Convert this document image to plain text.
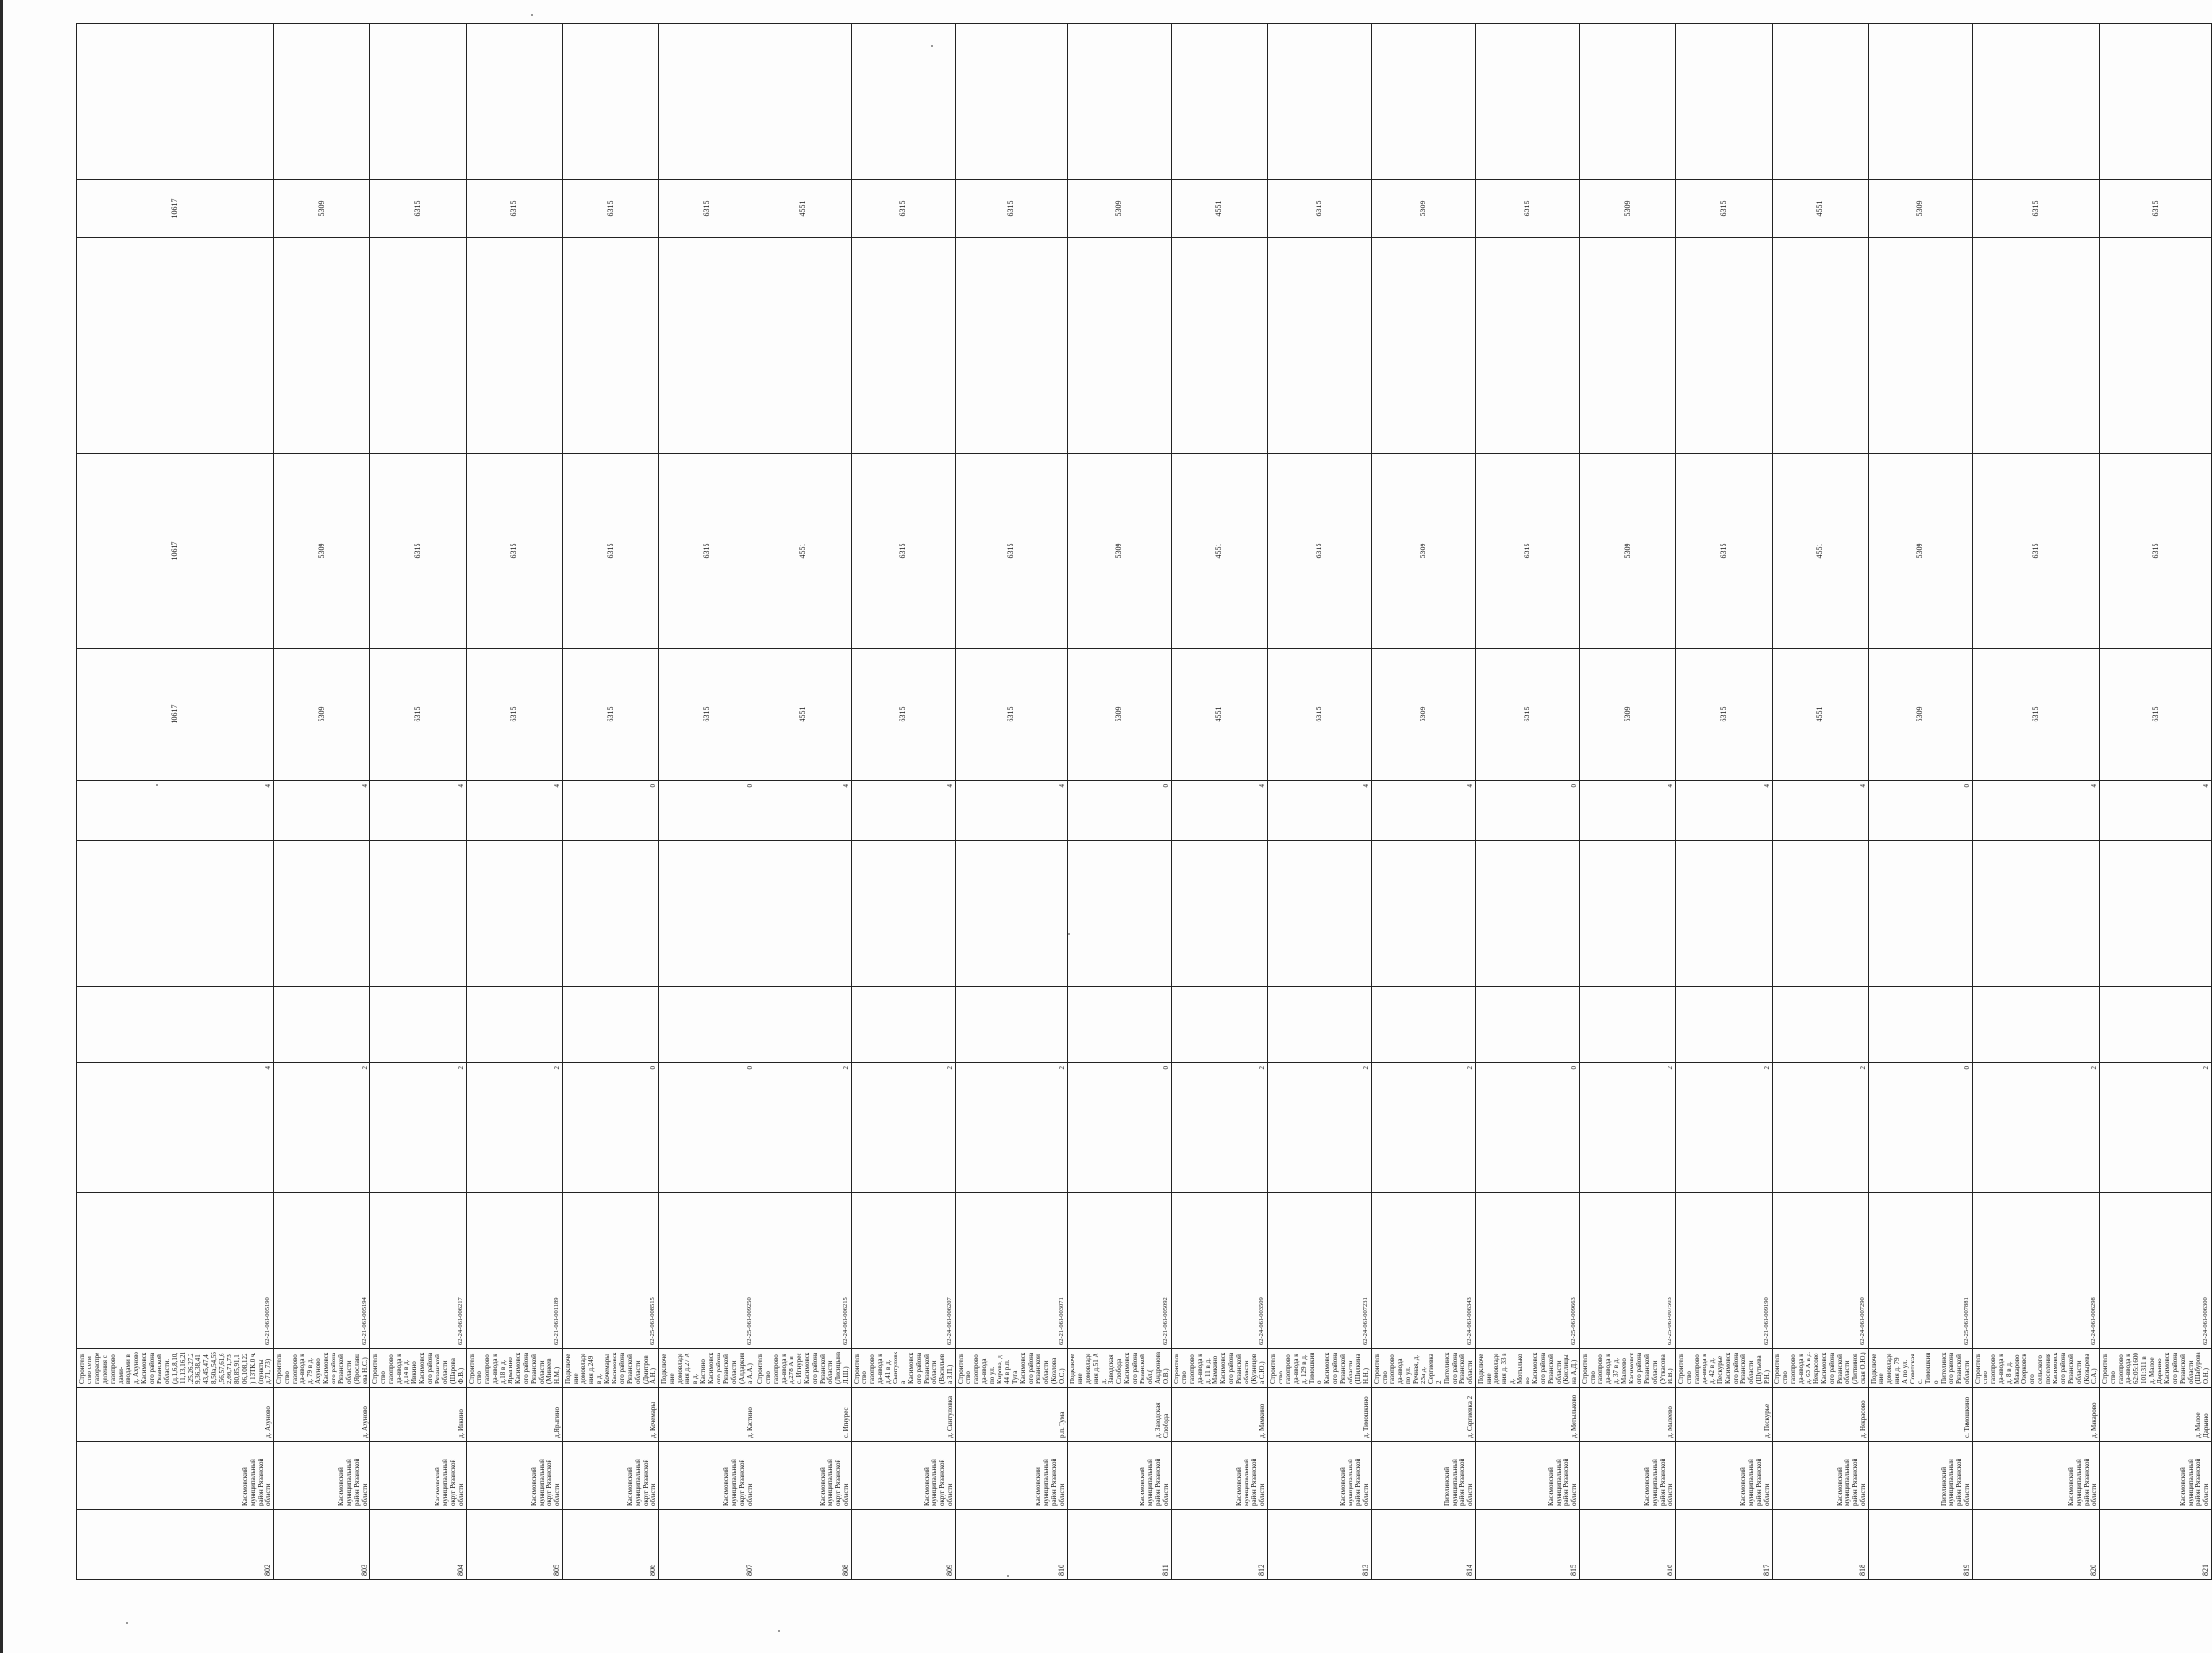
802	Касимовский муниципальный район Рязанской области	д. Ахуново	Строительство сети газораспределения с газопроводами-вводами в д. Ахуново Касимовского района Рязанской области. (д.1,6,8,10,11,13,16,21,25,26,27,29,36,38,41,43,45,47,48,50а,54,55,56,57,61,62,66,71,73,80,85,91,106,108,122) 13ТК.0 ч. (пункты д.71, 73)	62-21-061-005190	4			4	10617	10617		10617		
803	Касимовский муниципальный район Рязанской области	д. Ахуново	Строительство газопровода-ввода к д. 79 в д. Ахуново Касимовского района Рязанской области (Ярославцева Н.С.)	62-21-061-005194	2			4	5309	5309		5309		
804	Касимовский муниципальный округ Рязанской области	д. Ивкино	Строительство газопровода-ввода к д.14 в д. Ивкино Касимовского района Рязанской области (Шарова Ф.В.)	62-24-061-006217	2			4	6315	6315		6315		
805	Касимовский муниципальный округ Рязанской области	д.Ярыгино	Строительство газопровода-ввода к д.18 в д. Ярыгино Касимовского района Рязанской области (Минеев Н.М.)	62-21-061-001189	2			4	6315	6315		6315		
806	Касимовский муниципальный округ Рязанской области	д. Кочемары	Подключение домовладения д.249 в д. Кочемары Касимовского района Рязанской области (Дмитров А.Н.)	62-25-061-008515	0			0	6315	6315		6315		
807	Касимовский муниципальный округ Рязанской области	д. Кастино	Подключение домовладения д.27 А в д. Кастино Касимовского района Рязанской области (Алдаркина А.А.)	62-25-061-009250	0			0	6315	6315		6315		
808	Касимовский муниципальный округ Рязанской области	с. Игнурес	Строительство газопровода-ввода к д.278 А в с. Игнурес Касимовского района Рязанской области (Лисицына Л.Ш.)	62-24-061-006215	2			4	4551	4551		4551		
809	Касимовский муниципальный округ Рязанской области	д. Сынтуловка	Строительство газопровода-ввода к д.41 в д. Сынтуловка Касимовского района Рязанской области (Васильева З.П.)	62-24-061-006207	2			4	6315	6315		6315		
810	Касимовский муниципальный район Рязанской области	р.п. Тума	Строительство газопровода-ввода по ул. Кирова, д. 44 в р.п. Туга Касимовского района Рязанской области (Козлова О.С.)	62-21-061-003071	2			4	6315	6315		6315		
811	Касимовский муниципальный район Рязанской области	д. Заводская Слобода	Подключение домовладения д.51 А д. Заводская Слобода Касимовского района Рязанской обл.( Андронова О.В.)	62-21-061-005092	0			0	5309	5309		5309		
812	Касимовский муниципальный район Рязанской области	д. Мамкино	Строительство газопровода-ввода к д. 11 в д. Мамкино Касимовского района Рязанской области (Кузнецова С.Ю.)	62-24-061-003509	2			4	4551	4551		4551		
813	Касимовский муниципальный район Рязанской области	д. Тимошкино	Строительство газопровода-ввода к д. 129 в д. Тимошкино Касимовского района Рязанской области (Шилкина Н.Н.)	62-24-061-007231	2			4	6315	6315		6315		
814	Пителинский муниципальный район Рязанской области	д. Сергиевка 2	Строительство газопровода-ввода по ул. Речная, д. 23а д. Сергиевка 2 Пителинского района Рязанской области	62-24-061-006343	2			4	5309	5309		5309		
815	Касимовский муниципальный район Рязанской области	д. Мотыльково	Подключение домовладения д. 33 в д. Мотыльково Касимовского района Рязанской области (Кислицына А.Д.)	62-25-061-009663	0			0	6315	6315		6315		
816	Касимовский муниципальный район Рязанской области	д. Малеево	Строительство газопровода-ввода к д. 37 в д. Малеево Касимовского района Рязанской области (Уткасова И.В.)	62-25-061-007503	2			4	5309	5309		5309		
817	Касимовский муниципальный район Рязанской области	д. Пескурье	Строительство газопровода-ввода к д. 42 в д. Пескурье Касимовского района Рязанской области (Шутьева Р.Н.)	62-21-061-009190	2			4	6315	6315		6315		
818	Касимовский муниципальный район Рязанской области	д. Некрасово	Строительство газопровода-ввода к д. 63 А в д. Некрасово Касимовского района Рязанской области (Литвиновская О.Ю.)	62-24-061-007290	2			4	4551	4551		4551		
819	Пителинский муниципальный район Рязанской области	с. Тимошкино	Подключение домовладения д. 79 А по ул. Советская с. Тимошкино Пителинского района Рязанской области	62-25-061-007881	0			0	5309	5309		5309		
820	Касимовский муниципальный район Рязанской области	д. Макарово	Строительство газопровода-ввода к д. 8 в д. Макарово Озерковского сельского поселения Касимовского района Рязанской области (Козырева С.А.)	62-24-061-006298	2			4	6315	6315		6315		
821	Касимовский муниципальный район Рязанской области	д. Малое Дарьино	Строительство газопровода-ввода к 62:05:1600101:311 в д. Малое Дарьино Касимовского района Рязанской области (Шабурова О.Н.)	62-24-061-006300	2			4	6315	6315		6315		
